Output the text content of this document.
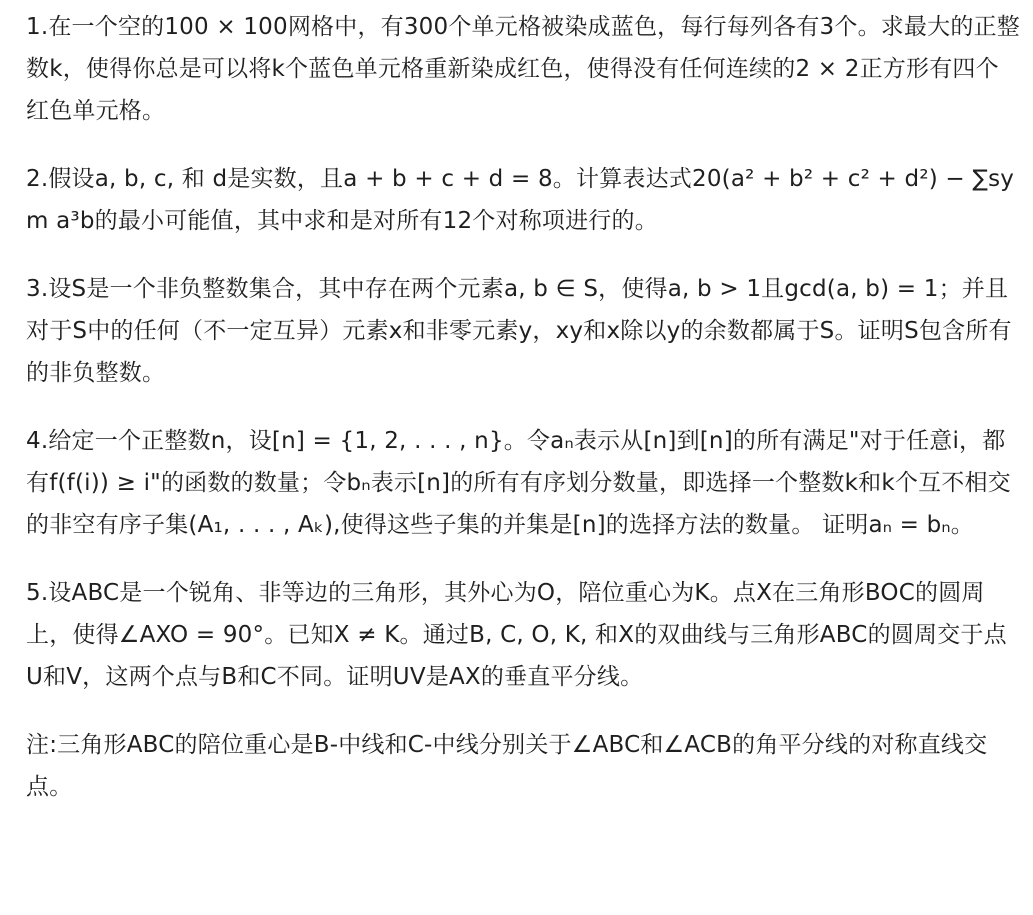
1.在一个空的100 × 100网格中，有300个单元格被染成蓝色，每行每列各有3个。求最大的正整数k，使得你总是可以将k个蓝色单元格重新染成红色，使得没有任何连续的2 × 2正方形有四个红色单元格。

2.假设a, b, c, 和 d是实数，且a + b + c + d = 8。计算表达式20(a² + b² + c² + d²) − ∑sym a³b的最小可能值，其中求和是对所有12个对称项进行的。

3.设S是一个非负整数集合，其中存在两个元素a, b ∈ S，使得a, b > 1且gcd(a, b) = 1；并且对于S中的任何（不一定互异）元素x和非零元素y，xy和x除以y的余数都属于S。证明S包含所有的非负整数。

4.给定一个正整数n，设[n] = {1, 2, . . . , n}。令aₙ表示从[n]到[n]的所有满足"对于任意i，都有f(f(i)) ≥ i"的函数的数量；令bₙ表示[n]的所有有序划分数量，即选择一个整数k和k个互不相交的非空有序子集(A₁, . . . , Aₖ),使得这些子集的并集是[n]的选择方法的数量。 证明aₙ = bₙ。

5.设ABC是一个锐角、非等边的三角形，其外心为O，陪位重心为K。点X在三角形BOC的圆周上，使得∠AXO = 90°。已知X ≠ K。通过B, C, O, K, 和X的双曲线与三角形ABC的圆周交于点U和V，这两个点与B和C不同。证明UV是AX的垂直平分线。

注:三角形ABC的陪位重心是B-中线和C-中线分别关于∠ABC和∠ACB的角平分线的对称直线交点。
